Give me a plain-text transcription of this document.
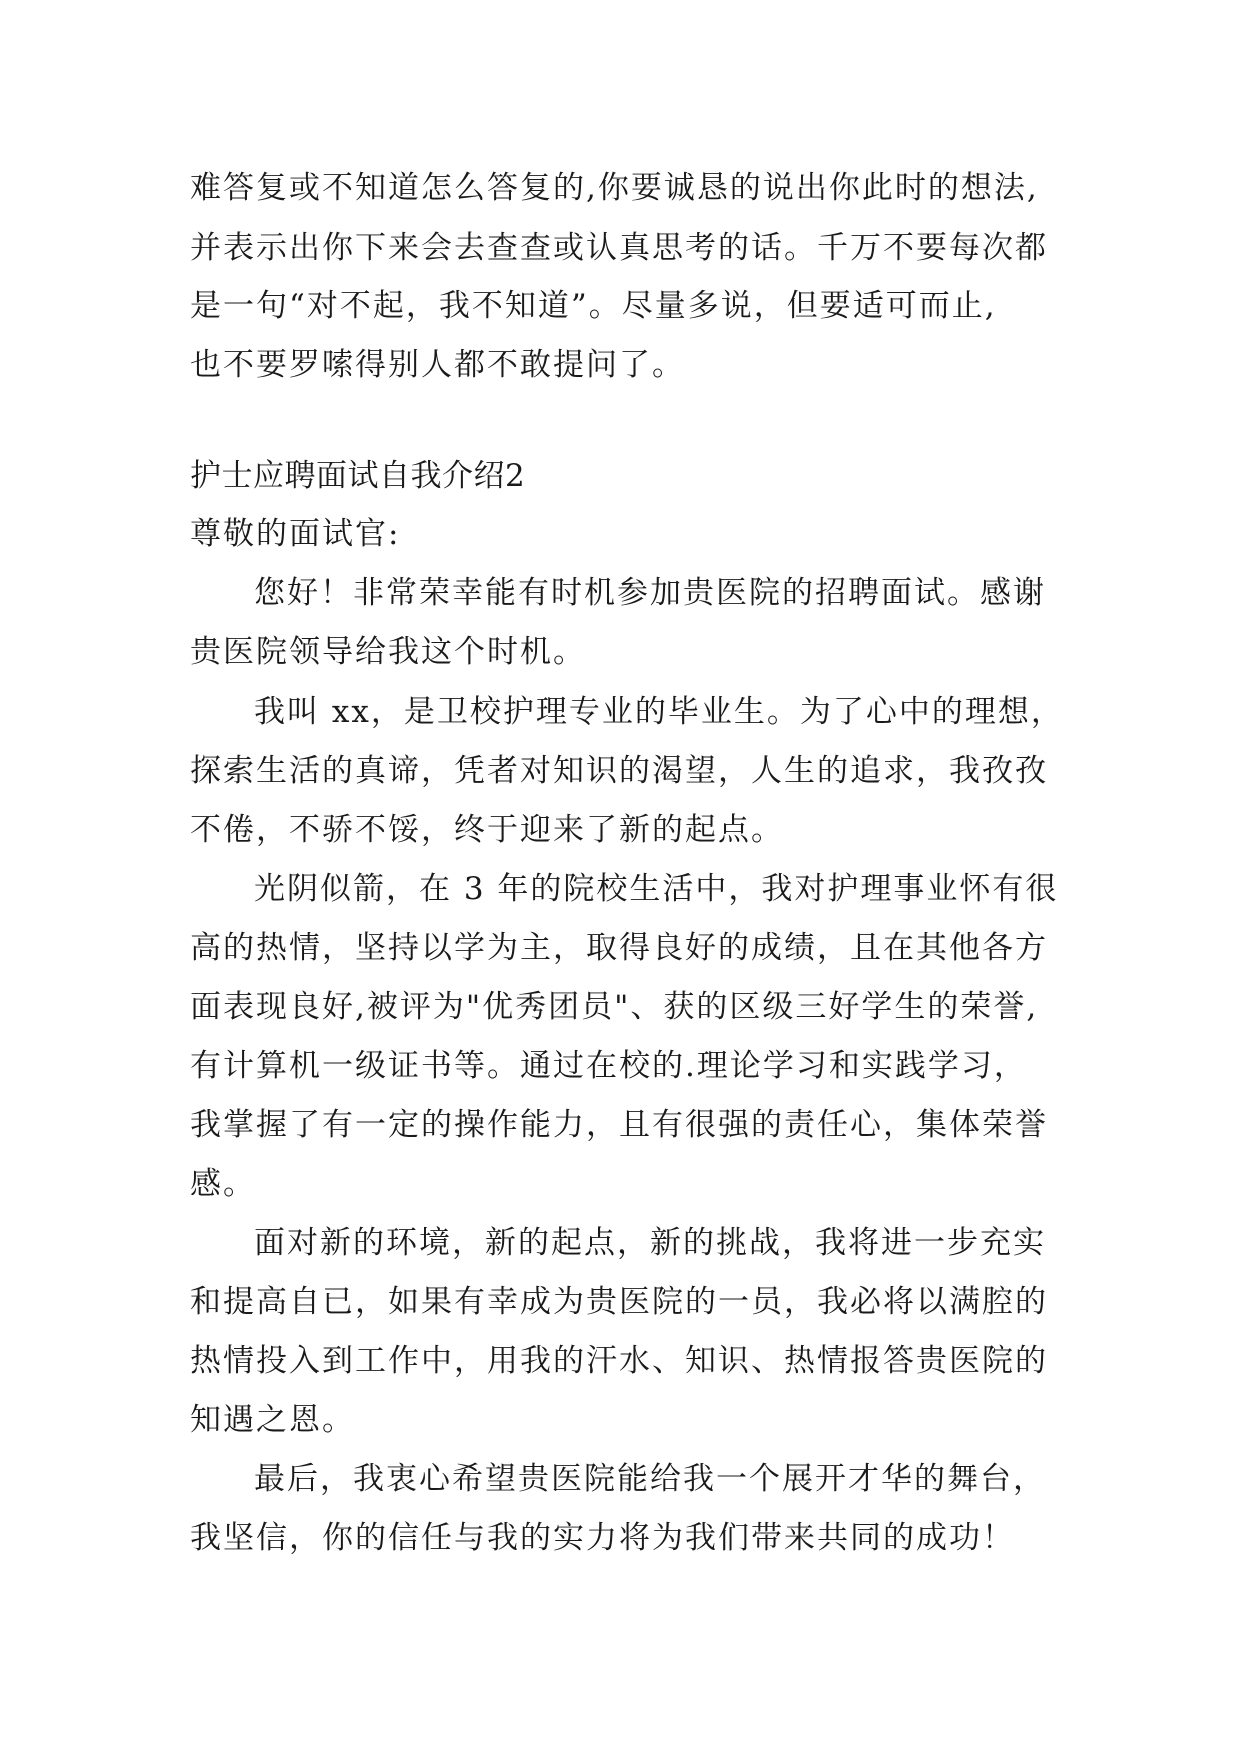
难答复或不知道怎么答复的,你要诚恳的说出你此时的想法,
并表示出你下来会去查查或认真思考的话。千万不要每次都
是一句“对不起，我不知道”。尽量多说，但要适可而止,
也不要罗嗦得别人都不敢提问了。
护士应聘面试自我介绍2
尊敬的面试官:
您好！非常荣幸能有时机参加贵医院的招聘面试。感谢
贵医院领导给我这个时机。
我叫 xx，是卫校护理专业的毕业生。为了心中的理想，
探索生活的真谛，凭者对知识的渴望，人生的追求，我孜孜
不倦，不骄不馁，终于迎来了新的起点。
光阴似箭，在 3 年的院校生活中，我对护理事业怀有很
高的热情，坚持以学为主，取得良好的成绩，且在其他各方
面表现良好,被评为"优秀团员"、获的区级三好学生的荣誉,
有计算机一级证书等。通过在校的.理论学习和实践学习，
我掌握了有一定的操作能力，且有很强的责任心，集体荣誉
感。
面对新的环境，新的起点，新的挑战，我将进一步充实
和提高自已，如果有幸成为贵医院的一员，我必将以满腔的
热情投入到工作中，用我的汗水、知识、热情报答贵医院的
知遇之恩。
最后，我衷心希望贵医院能给我一个展开才华的舞台，
我坚信，你的信任与我的实力将为我们带来共同的成功！
